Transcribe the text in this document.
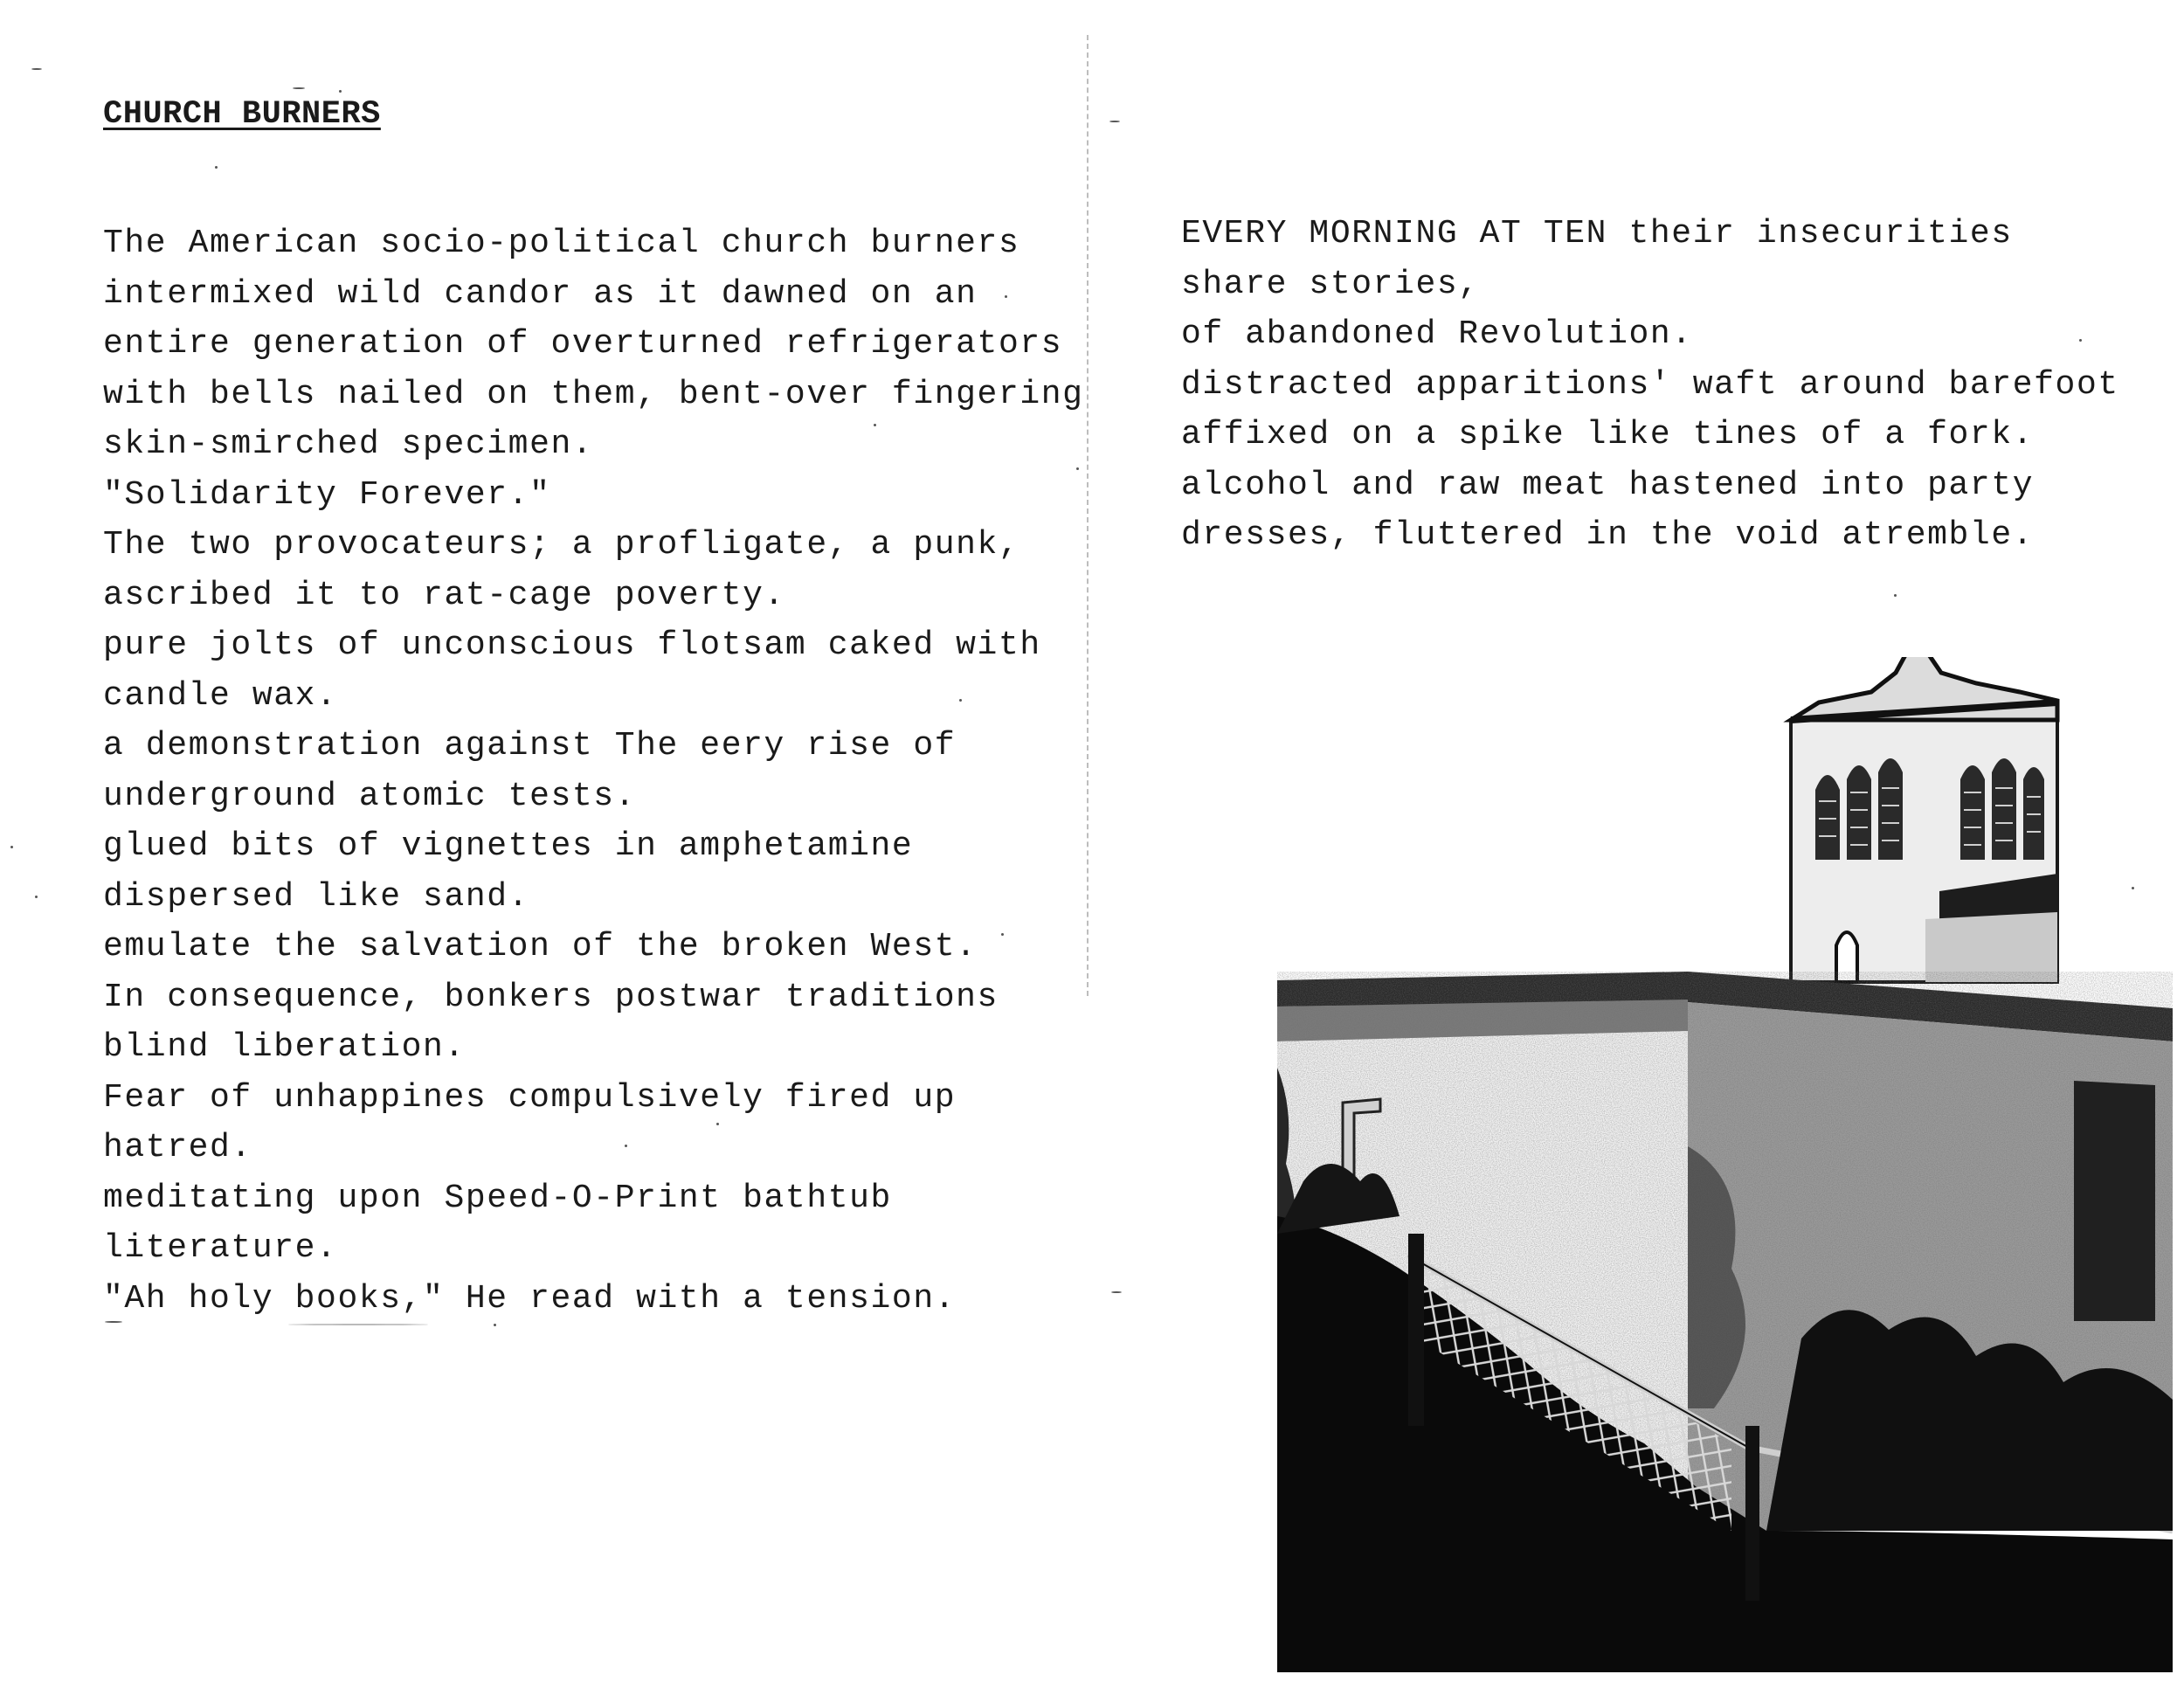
CHURCH BURNERS
The American socio-political church burners
intermixed wild candor as it dawned on an
entire generation of overturned refrigerators
with bells nailed on them, bent-over fingering
skin-smirched specimen.
"Solidarity Forever."
The two provocateurs; a profligate, a punk,
ascribed it to rat-cage poverty.
pure jolts of unconscious flotsam caked with
candle wax.
a demonstration against The eery rise of
underground atomic tests.
glued bits of vignettes in amphetamine
dispersed like sand.
emulate the salvation of the broken West.
In consequence, bonkers postwar traditions
blind liberation.
Fear of unhappines compulsively fired up
hatred.
meditating upon Speed-O-Print bathtub
literature.
"Ah holy books," He read with a tension.
EVERY MORNING AT TEN their insecurities
share stories,
of abandoned Revolution.
distracted apparitions' waft around barefoot
affixed on a spike like tines of a fork.
alcohol and raw meat hastened into party
dresses, fluttered in the void atremble.
